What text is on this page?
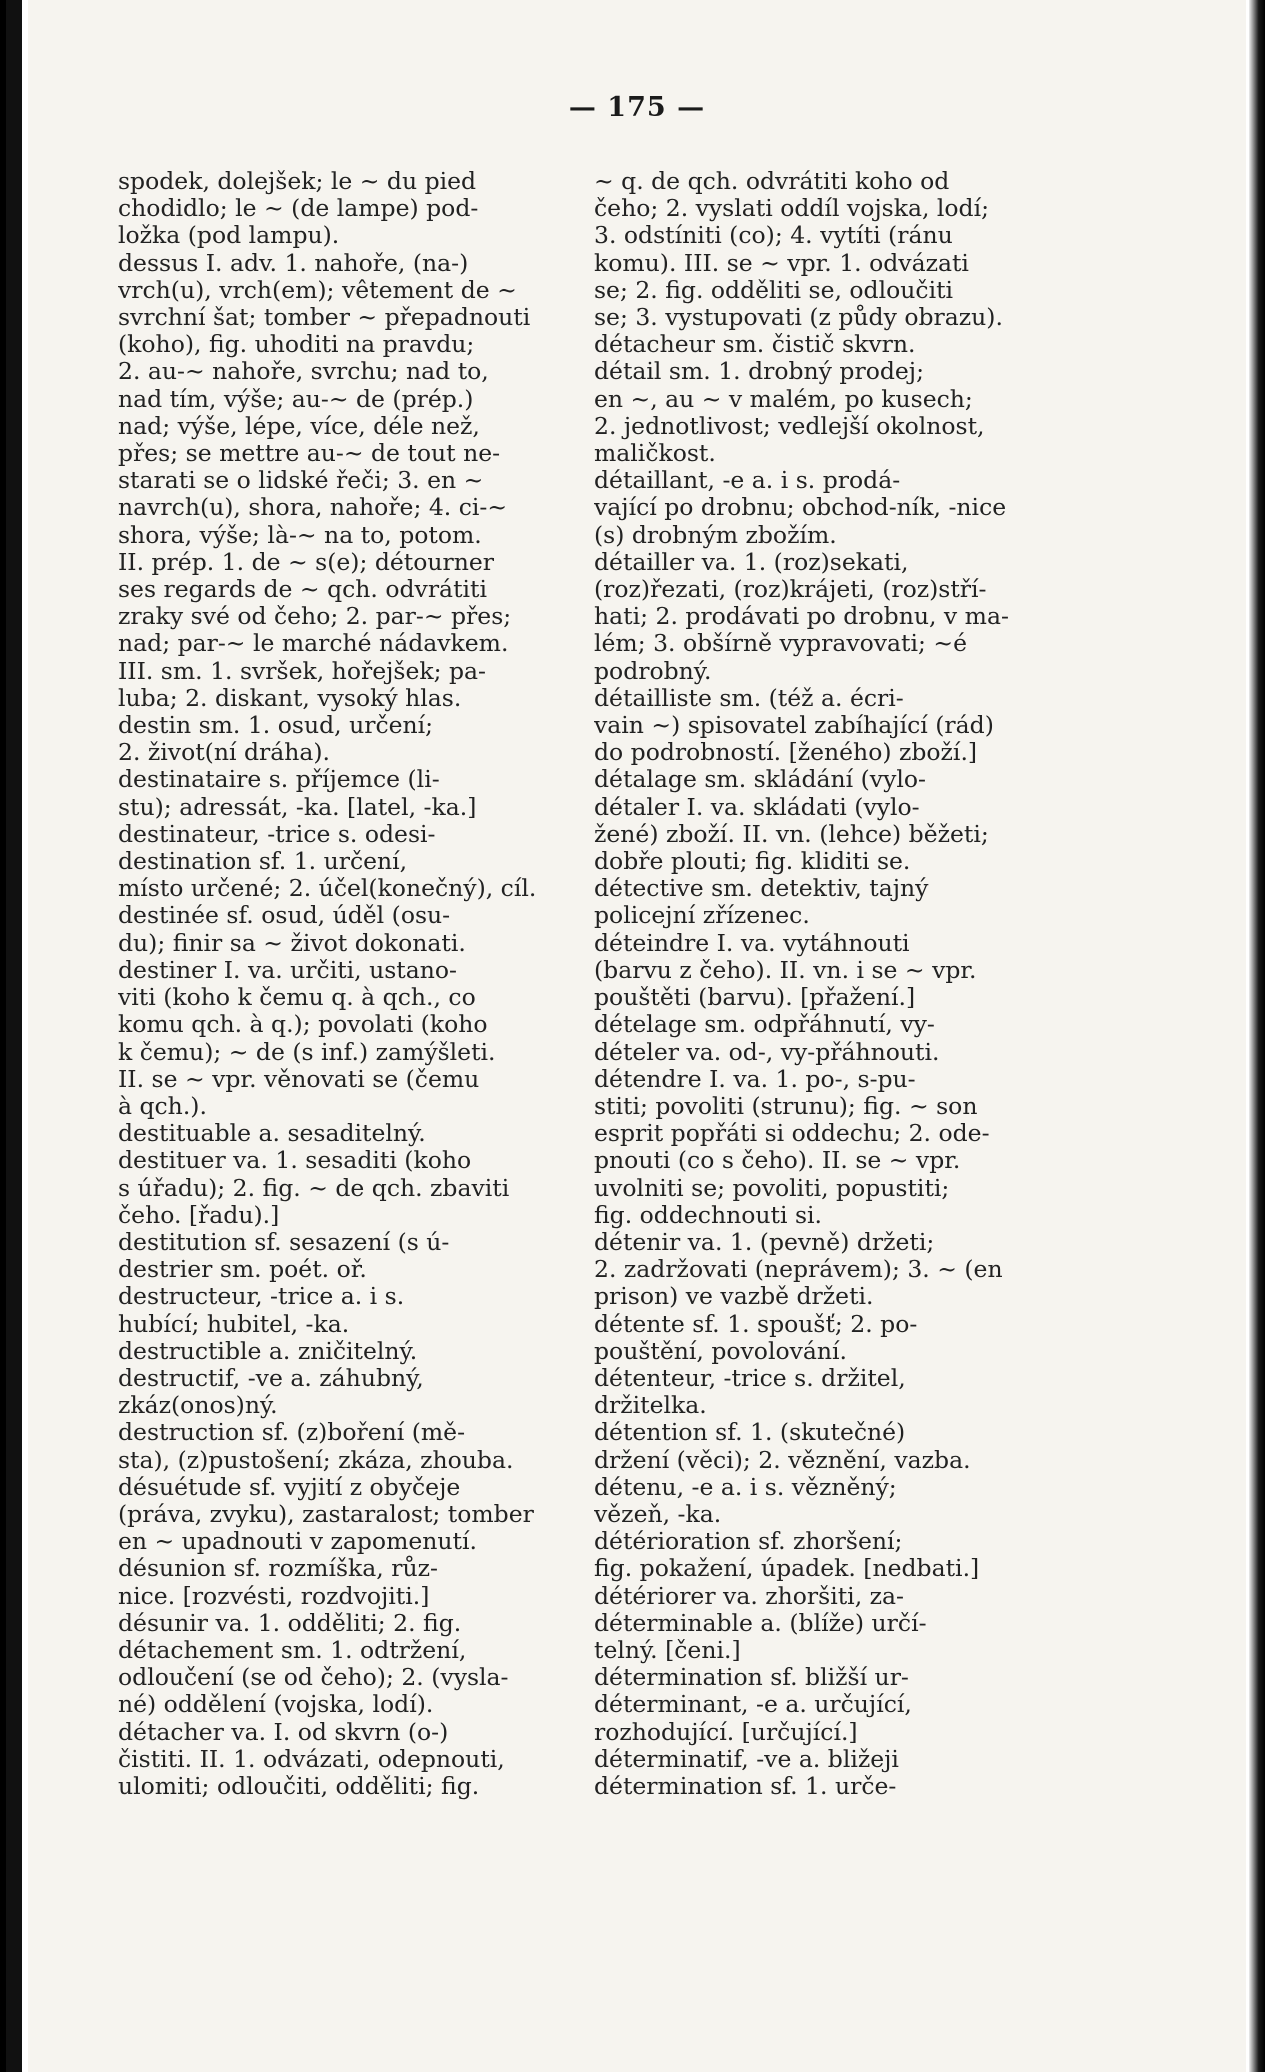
— 175 —
spodek, dolejšek; le ~ du pied
chodidlo; le ~ (de lampe) pod-
ložka (pod lampu).
dessus I. adv. 1. nahoře, (na-)
vrch(u), vrch(em); vêtement de ~
svrchní šat; tomber ~ přepadnouti
(koho), fig. uhoditi na pravdu;
2. au-~ nahoře, svrchu; nad to,
nad tím, výše; au-~ de (prép.)
nad; výše, lépe, více, déle než,
přes; se mettre au-~ de tout ne-
starati se o lidské řeči; 3. en ~
navrch(u), shora, nahoře; 4. ci-~
shora, výše; là-~ na to, potom.
II. prép. 1. de ~ s(e); détourner
ses regards de ~ qch. odvrátiti
zraky své od čeho; 2. par-~ přes;
nad; par-~ le marché nádavkem.
III. sm. 1. svršek, hořejšek; pa-
luba; 2. diskant, vysoký hlas.
destin sm. 1. osud, určení;
2. život(ní dráha).
destinataire s. příjemce (li-
stu); adressát, -ka. [latel, -ka.]
destinateur, -trice s. odesi-
destination sf. 1. určení,
místo určené; 2. účel(konečný), cíl.
destinée sf. osud, úděl (osu-
du); finir sa ~ život dokonati.
destiner I. va. určiti, ustano-
viti (koho k čemu q. à qch., co
komu qch. à q.); povolati (koho
k čemu); ~ de (s inf.) zamýšleti.
II. se ~ vpr. věnovati se (čemu
à qch.).
destituable a. sesaditelný.
destituer va. 1. sesaditi (koho
s úřadu); 2. fig. ~ de qch. zbaviti
čeho. [řadu).]
destitution sf. sesazení (s ú-
destrier sm. poét. oř.
destructeur, -trice a. i s.
hubící; hubitel, -ka.
destructible a. zničitelný.
destructif, -ve a. záhubný,
zkáz(onos)ný.
destruction sf. (z)boření (mě-
sta), (z)pustošení; zkáza, zhouba.
désuétude sf. vyjití z obyčeje
(práva, zvyku), zastaralost; tomber
en ~ upadnouti v zapomenutí.
désunion sf. rozmíška, růz-
nice. [rozvésti, rozdvojiti.]
désunir va. 1. odděliti; 2. fig.
détachement sm. 1. odtržení,
odloučení (se od čeho); 2. (vysla-
né) oddělení (vojska, lodí).
détacher va. I. od skvrn (o-)
čistiti. II. 1. odvázati, odepnouti,
ulomiti; odloučiti, odděliti; fig.
~ q. de qch. odvrátiti koho od
čeho; 2. vyslati oddíl vojska, lodí;
3. odstíniti (co); 4. vytíti (ránu
komu). III. se ~ vpr. 1. odvázati
se; 2. fig. odděliti se, odloučiti
se; 3. vystupovati (z půdy obrazu).
détacheur sm. čistič skvrn.
détail sm. 1. drobný prodej;
en ~, au ~ v malém, po kusech;
2. jednotlivost; vedlejší okolnost,
maličkost.
détaillant, -e a. i s. prodá-
vající po drobnu; obchod-ník, -nice
(s) drobným zbožím.
détailler va. 1. (roz)sekati,
(roz)řezati, (roz)krájeti, (roz)stří-
hati; 2. prodávati po drobnu, v ma-
lém; 3. obšírně vypravovati; ~é
podrobný.
détailliste sm. (též a. écri-
vain ~) spisovatel zabíhající (rád)
do podrobností. [ženého) zboží.]
détalage sm. skládání (vylo-
détaler I. va. skládati (vylo-
žené) zboží. II. vn. (lehce) běžeti;
dobře plouti; fig. kliditi se.
détective sm. detektiv, tajný
policejní zřízenec.
déteindre I. va. vytáhnouti
(barvu z čeho). II. vn. i se ~ vpr.
pouštěti (barvu). [přažení.]
dételage sm. odpřáhnutí, vy-
dételer va. od-, vy-přáhnouti.
détendre I. va. 1. po-, s-pu-
stiti; povoliti (strunu); fig. ~ son
esprit popřáti si oddechu; 2. ode-
pnouti (co s čeho). II. se ~ vpr.
uvolniti se; povoliti, popustiti;
fig. oddechnouti si.
détenir va. 1. (pevně) držeti;
2. zadržovati (neprávem); 3. ~ (en
prison) ve vazbě držeti.
détente sf. 1. spoušť; 2. po-
pouštění, povolování.
détenteur, -trice s. držitel,
držitelka.
détention sf. 1. (skutečné)
držení (věci); 2. věznění, vazba.
détenu, -e a. i s. vězněný;
vězeň, -ka.
détérioration sf. zhoršení;
fig. pokažení, úpadek. [nedbati.]
détériorer va. zhoršiti, za-
déterminable a. (blíže) určí-
telný. [čeni.]
détermination sf. bližší ur-
déterminant, -e a. určující,
rozhodující. [určující.]
déterminatif, -ve a. bližeji
détermination sf. 1. urče-
